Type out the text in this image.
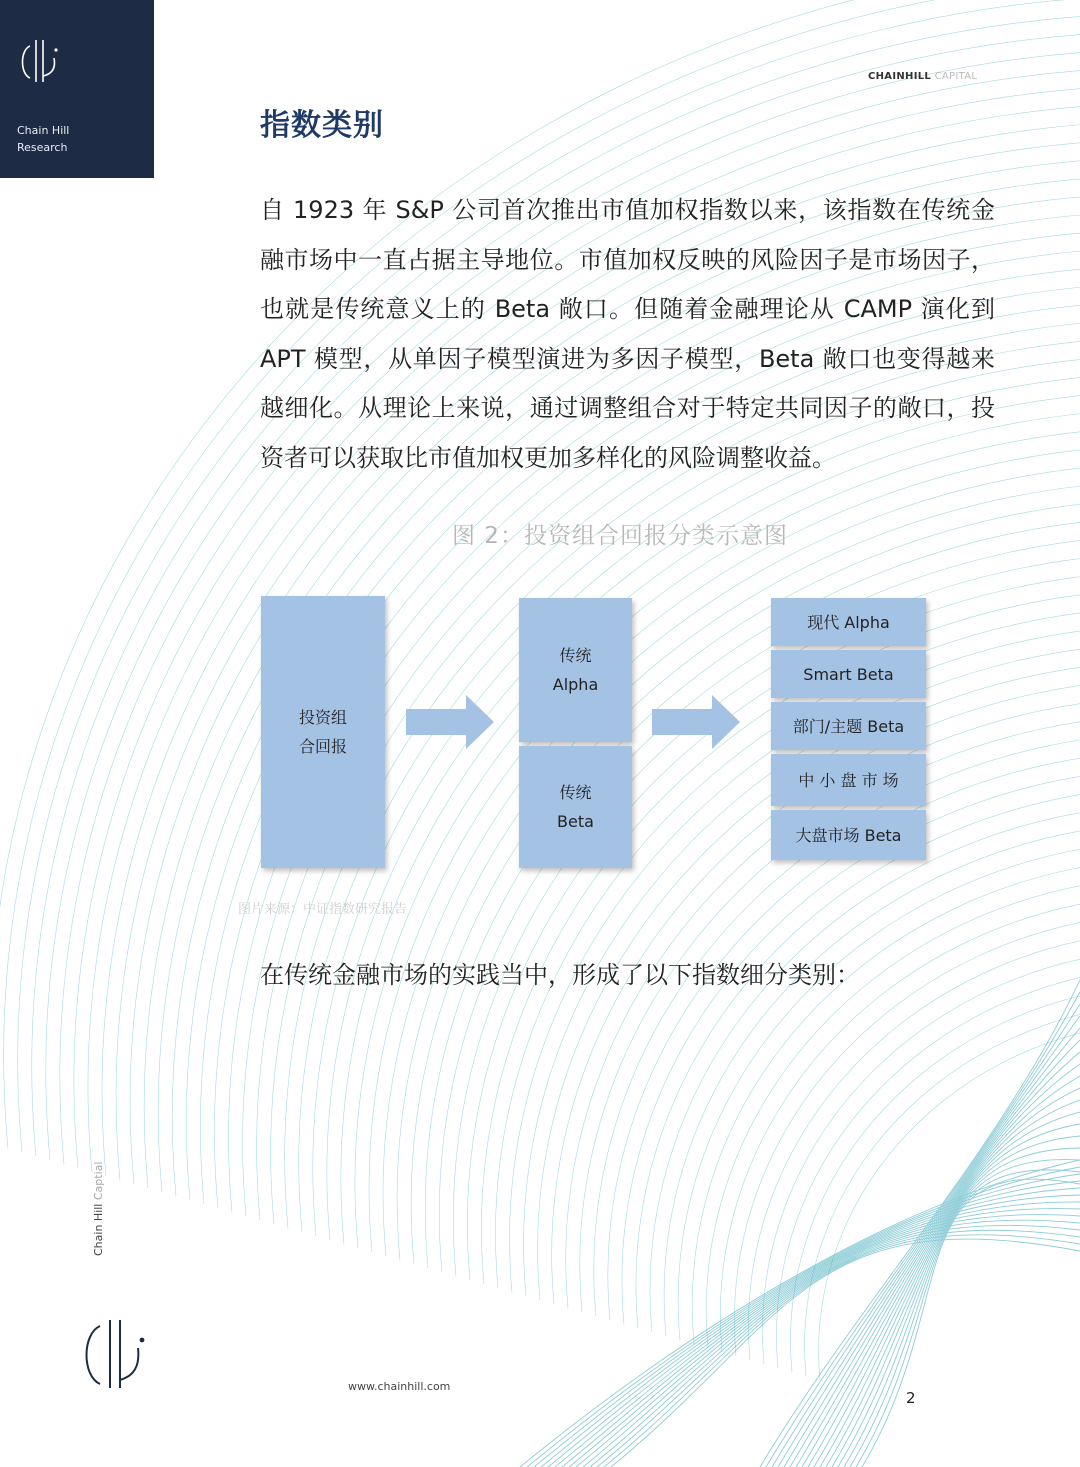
Chain Hill
Research
CHAINHILL CAPITAL
指数类别
自 1923 年 S&P 公司首次推出市值加权指数以来，该指数在传统金融市场中一直占据主导地位。市值加权反映的风险因子是市场因子，也就是传统意义上的 Beta 敞口。但随着金融理论从 CAMP 演化到 APT 模型，从单因子模型演进为多因子模型，Beta 敞口也变得越来越细化。从理论上来说，通过调整组合对于特定共同因子的敞口，投资者可以获取比市值加权更加多样化的风险调整收益。
图 2：投资组合回报分类示意图
投资组
合回报
传统
Alpha
传统
Beta
现代 Alpha
Smart Beta
部门/主题 Beta
中 小 盘 市 场
大盘市场 Beta
图片来源：中证指数研究报告
在传统金融市场的实践当中，形成了以下指数细分类别：
Chain Hill Captial
www.chainhill.com
2
